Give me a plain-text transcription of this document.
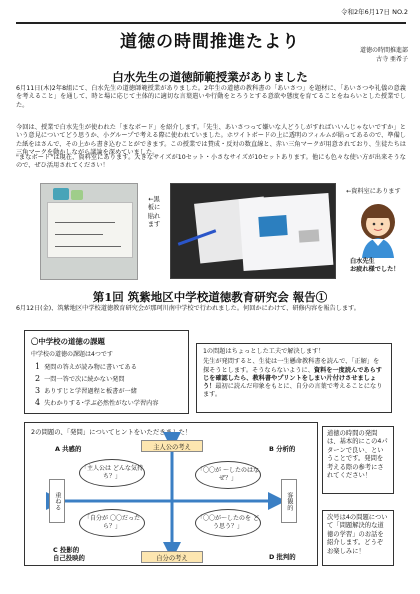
令和2年6月17日 NO.2
道徳の時間推進たより	道徳の時間推進部
古寺 亜希子
白水先生の道徳師範授業がありました
6月11日(木)2年8組にて、白水先生の道徳師範授業がありました。2年生の道徳の教科書の「あいさつ」を題材に、「あいさつや礼儀の意義を考えること」を通して、時と場に応じて主体的に適切な言葉遣いや行動をとろうとする意欲や態度を育てることをねらいとした授業でした。
今回は、授業で白水先生が使われた「まなボード」を紹介します。「先生、あいさつって嫌いな人どうしがすればいいんじゃないですか」という意見についてどう思うか、小グループで考える際に使われていました。ホワイトボードの上に透明のフィルムが貼ってあるので、準備した紙をはさんで、その上から書き込むことができます。この授業では賛成・反対の数直線と、赤い三角マークが用意されており、生徒たちは三角マークを動かしながら議論を深めていました。
"まなボード"は現在、資料室にあります。大きなサイズが10セット・小さなサイズが10セットあります。他にも色々な使い方が出来そうなので、ぜひ活用されてください！
←黒板に貼れます
←資料室にあります
白水先生
お疲れ様でした！
第1回 筑紫地区中学校道徳教育研究会 報告①
6月12日(金)、筑紫地区中学校道徳教育研究会が那珂川南中学校で行われました。何回かにわけて、研修内容を報告します。
〇中学校の道徳の課題
中学校の道徳の課題は4つです
1 発問の答えが読み物に書いてある
2 一問一答で次に続かない発問
3 ありすじと学習過程と板書が一緒
4 失わかりする･学ぶ必然性がない学習内容
1の問題はちょっとした工夫で解決します！
先生が発問すると、生徒は一生懸命教科書を読んで、「正解」を探そうとします。そうならないように、資料を一度読んであらすじを確認したら、教科書やプリントをしまい片付けさせましょう！最初に読んだ印象をもとに、自分の言葉で考えることになります。
2の問題の、「発問」についてヒントをいただきました！
主人公の考え
自分の考え
重ねる	客観的
A 共感的	B 分析的
C 投影的
自己投映的	D 批判的
「主人公は どんな気持ち？」
「〇〇が ～したのはなぜ？」
「自分が 〇〇だったら？」
「〇〇が～したのを どう思う？」
道徳の時間の発問は、基本的にこの4パターンで良い、ということです。発問を考える際の参考にされてください！
次号は4の問題について「問題解決的な道徳の学習」のお話を紹介します。どうぞお楽しみに！
